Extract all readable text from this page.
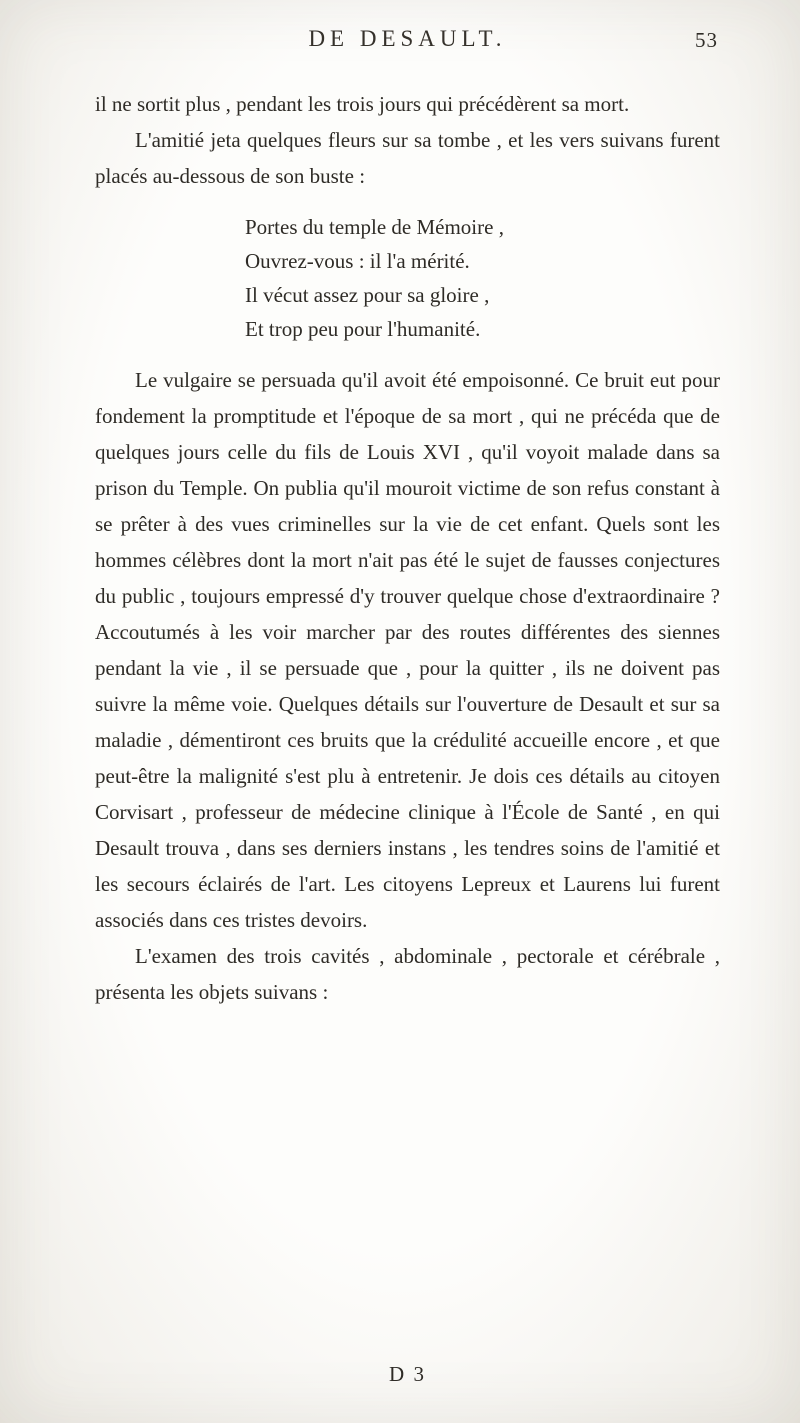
DE DESAULT.	53

il ne sortit plus , pendant les trois jours qui précédèrent sa mort.

L'amitié jeta quelques fleurs sur sa tombe , et les vers suivans furent placés au-dessous de son buste :

Portes du temple de Mémoire ,
Ouvrez-vous : il l'a mérité.
Il vécut assez pour sa gloire ,
Et trop peu pour l'humanité.

Le vulgaire se persuada qu'il avoit été empoisonné. Ce bruit eut pour fondement la promptitude et l'époque de sa mort , qui ne précéda que de quelques jours celle du fils de Louis XVI , qu'il voyoit malade dans sa prison du Temple. On publia qu'il mouroit victime de son refus constant à se prêter à des vues criminelles sur la vie de cet enfant. Quels sont les hommes célèbres dont la mort n'ait pas été le sujet de fausses conjectures du public , toujours empressé d'y trouver quelque chose d'extraordinaire ? Accoutumés à les voir marcher par des routes différentes des siennes pendant la vie , il se persuade que , pour la quitter , ils ne doivent pas suivre la même voie. Quelques détails sur l'ouverture de Desault et sur sa maladie , démentiront ces bruits que la crédulité accueille encore , et que peut-être la malignité s'est plu à entretenir. Je dois ces détails au citoyen Corvisart , professeur de médecine clinique à l'École de Santé , en qui Desault trouva , dans ses derniers instans , les tendres soins de l'amitié et les secours éclairés de l'art. Les citoyens Lepreux et Laurens lui furent associés dans ces tristes devoirs.

L'examen des trois cavités , abdominale , pectorale et cérébrale , présenta les objets suivans :

D 3
